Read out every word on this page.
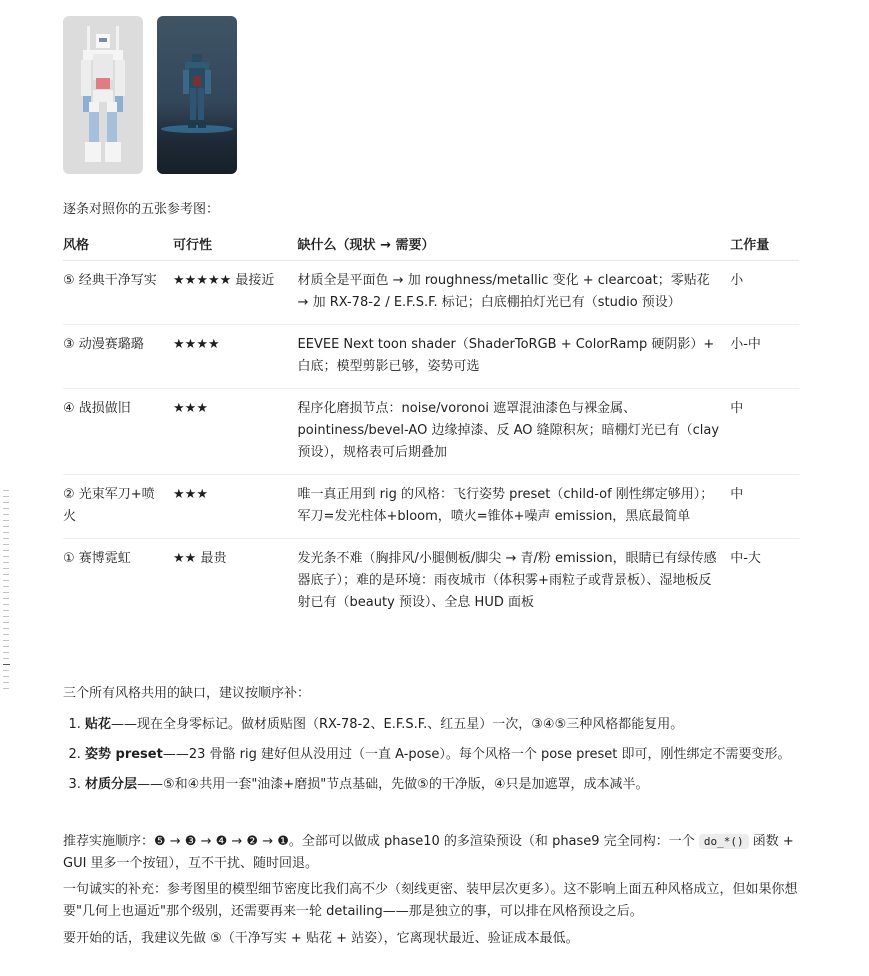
逐条对照你的五张参考图：
风格	可行性	缺什么（现状 → 需要）	工作量
⑤ 经典干净写实	★★★★★ 最接近	材质全是平面色 → 加 roughness/metallic 变化 + clearcoat；零贴花 → 加 RX-78-2 / E.F.S.F. 标记；白底棚拍灯光已有（studio 预设）	小
③ 动漫赛璐璐	★★★★	EEVEE Next toon shader（ShaderToRGB + ColorRamp 硬阴影）+ 白底；模型剪影已够，姿势可选	小-中
④ 战损做旧	★★★	程序化磨损节点：noise/voronoi 遮罩混油漆色与裸金属、pointiness/bevel-AO 边缘掉漆、反 AO 缝隙积灰；暗棚灯光已有（clay 预设），规格表可后期叠加	中
② 光束军刀+喷火	★★★	唯一真正用到 rig 的风格：飞行姿势 preset（child-of 刚性绑定够用）；军刀=发光柱体+bloom，喷火=锥体+噪声 emission，黑底最简单	中
① 赛博霓虹	★★ 最贵	发光条不难（胸排风/小腿侧板/脚尖 → 青/粉 emission，眼睛已有绿传感器底子）；难的是环境：雨夜城市（体积雾+雨粒子或背景板）、湿地板反射已有（beauty 预设）、全息 HUD 面板	中-大
三个所有风格共用的缺口，建议按顺序补：
1. 贴花——现在全身零标记。做材质贴图（RX-78-2、E.F.S.F.、红五星）一次，③④⑤三种风格都能复用。
2. 姿势 preset——23 骨骼 rig 建好但从没用过（一直 A-pose）。每个风格一个 pose preset 即可，刚性绑定不需要变形。
3. 材质分层——⑤和④共用一套"油漆+磨损"节点基础，先做⑤的干净版，④只是加遮罩，成本减半。
推荐实施顺序：❺ → ❸ → ❹ → ❷ → ❶。全部可以做成 phase10 的多渲染预设（和 phase9 完全同构：一个 do_*() 函数 + GUI 里多一个按钮），互不干扰、随时回退。
一句诚实的补充：参考图里的模型细节密度比我们高不少（刻线更密、装甲层次更多）。这不影响上面五种风格成立，但如果你想要"几何上也逼近"那个级别，还需要再来一轮 detailing——那是独立的事，可以排在风格预设之后。
要开始的话，我建议先做 ⑤（干净写实 + 贴花 + 站姿），它离现状最近、验证成本最低。
